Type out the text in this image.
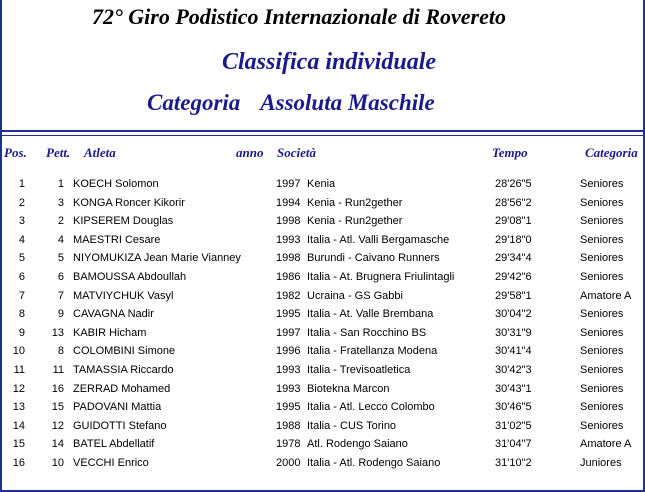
72° Giro Podistico Internazionale di Rovereto
Classifica individuale
Categoria Assoluta Maschile
Pos. Pett. Atleta	anno Società	Tempo	Categoria
1	1 KOECH Solomon	1997 Kenia	28'26"5	Seniores
2	3 KONGA Roncer Kikorir	1994 Kenia - Run2gether	28'56"2	Seniores
3	2 KIPSEREM Douglas	1998 Kenia - Run2gether	29'08"1	Seniores
4	4 MAESTRI Cesare	1993 Italia - Atl. Valli Bergamasche	29'18"0	Seniores
5	5 NIYOMUKIZA Jean Marie Vianney	1998 Burundi - Caivano Runners	29'34"4	Seniores
6	6 BAMOUSSA Abdoullah	1986 Italia - At. Brugnera Friulintagli	29'42"6	Seniores
7	7 MATVIYCHUK Vasyl	1982 Ucraina - GS Gabbi	29'58"1	Amatore A
8	9 CAVAGNA Nadir	1995 Italia - At. Valle Brembana	30'04"2	Seniores
9	13 KABIR Hicham	1997 Italia - San Rocchino BS	30'31"9	Seniores
10	8 COLOMBINI Simone	1996 Italia - Fratellanza Modena	30'41"4	Seniores
11	11 TAMASSIA Riccardo	1993 Italia - Trevisoatletica	30'42"3	Seniores
12	16 ZERRAD Mohamed	1993 Biotekna Marcon	30'43"1	Seniores
13	15 PADOVANI Mattia	1995 Italia - Atl. Lecco Colombo	30'46"5	Seniores
14	12 GUIDOTTI Stefano	1988 Italia - CUS Torino	31'02"5	Seniores
15	14 BATEL Abdellatif	1978 Atl. Rodengo Saiano	31'04"7	Amatore A
16	10 VECCHI Enrico	2000 Italia - Atl. Rodengo Saiano	31'10"2	Juniores
